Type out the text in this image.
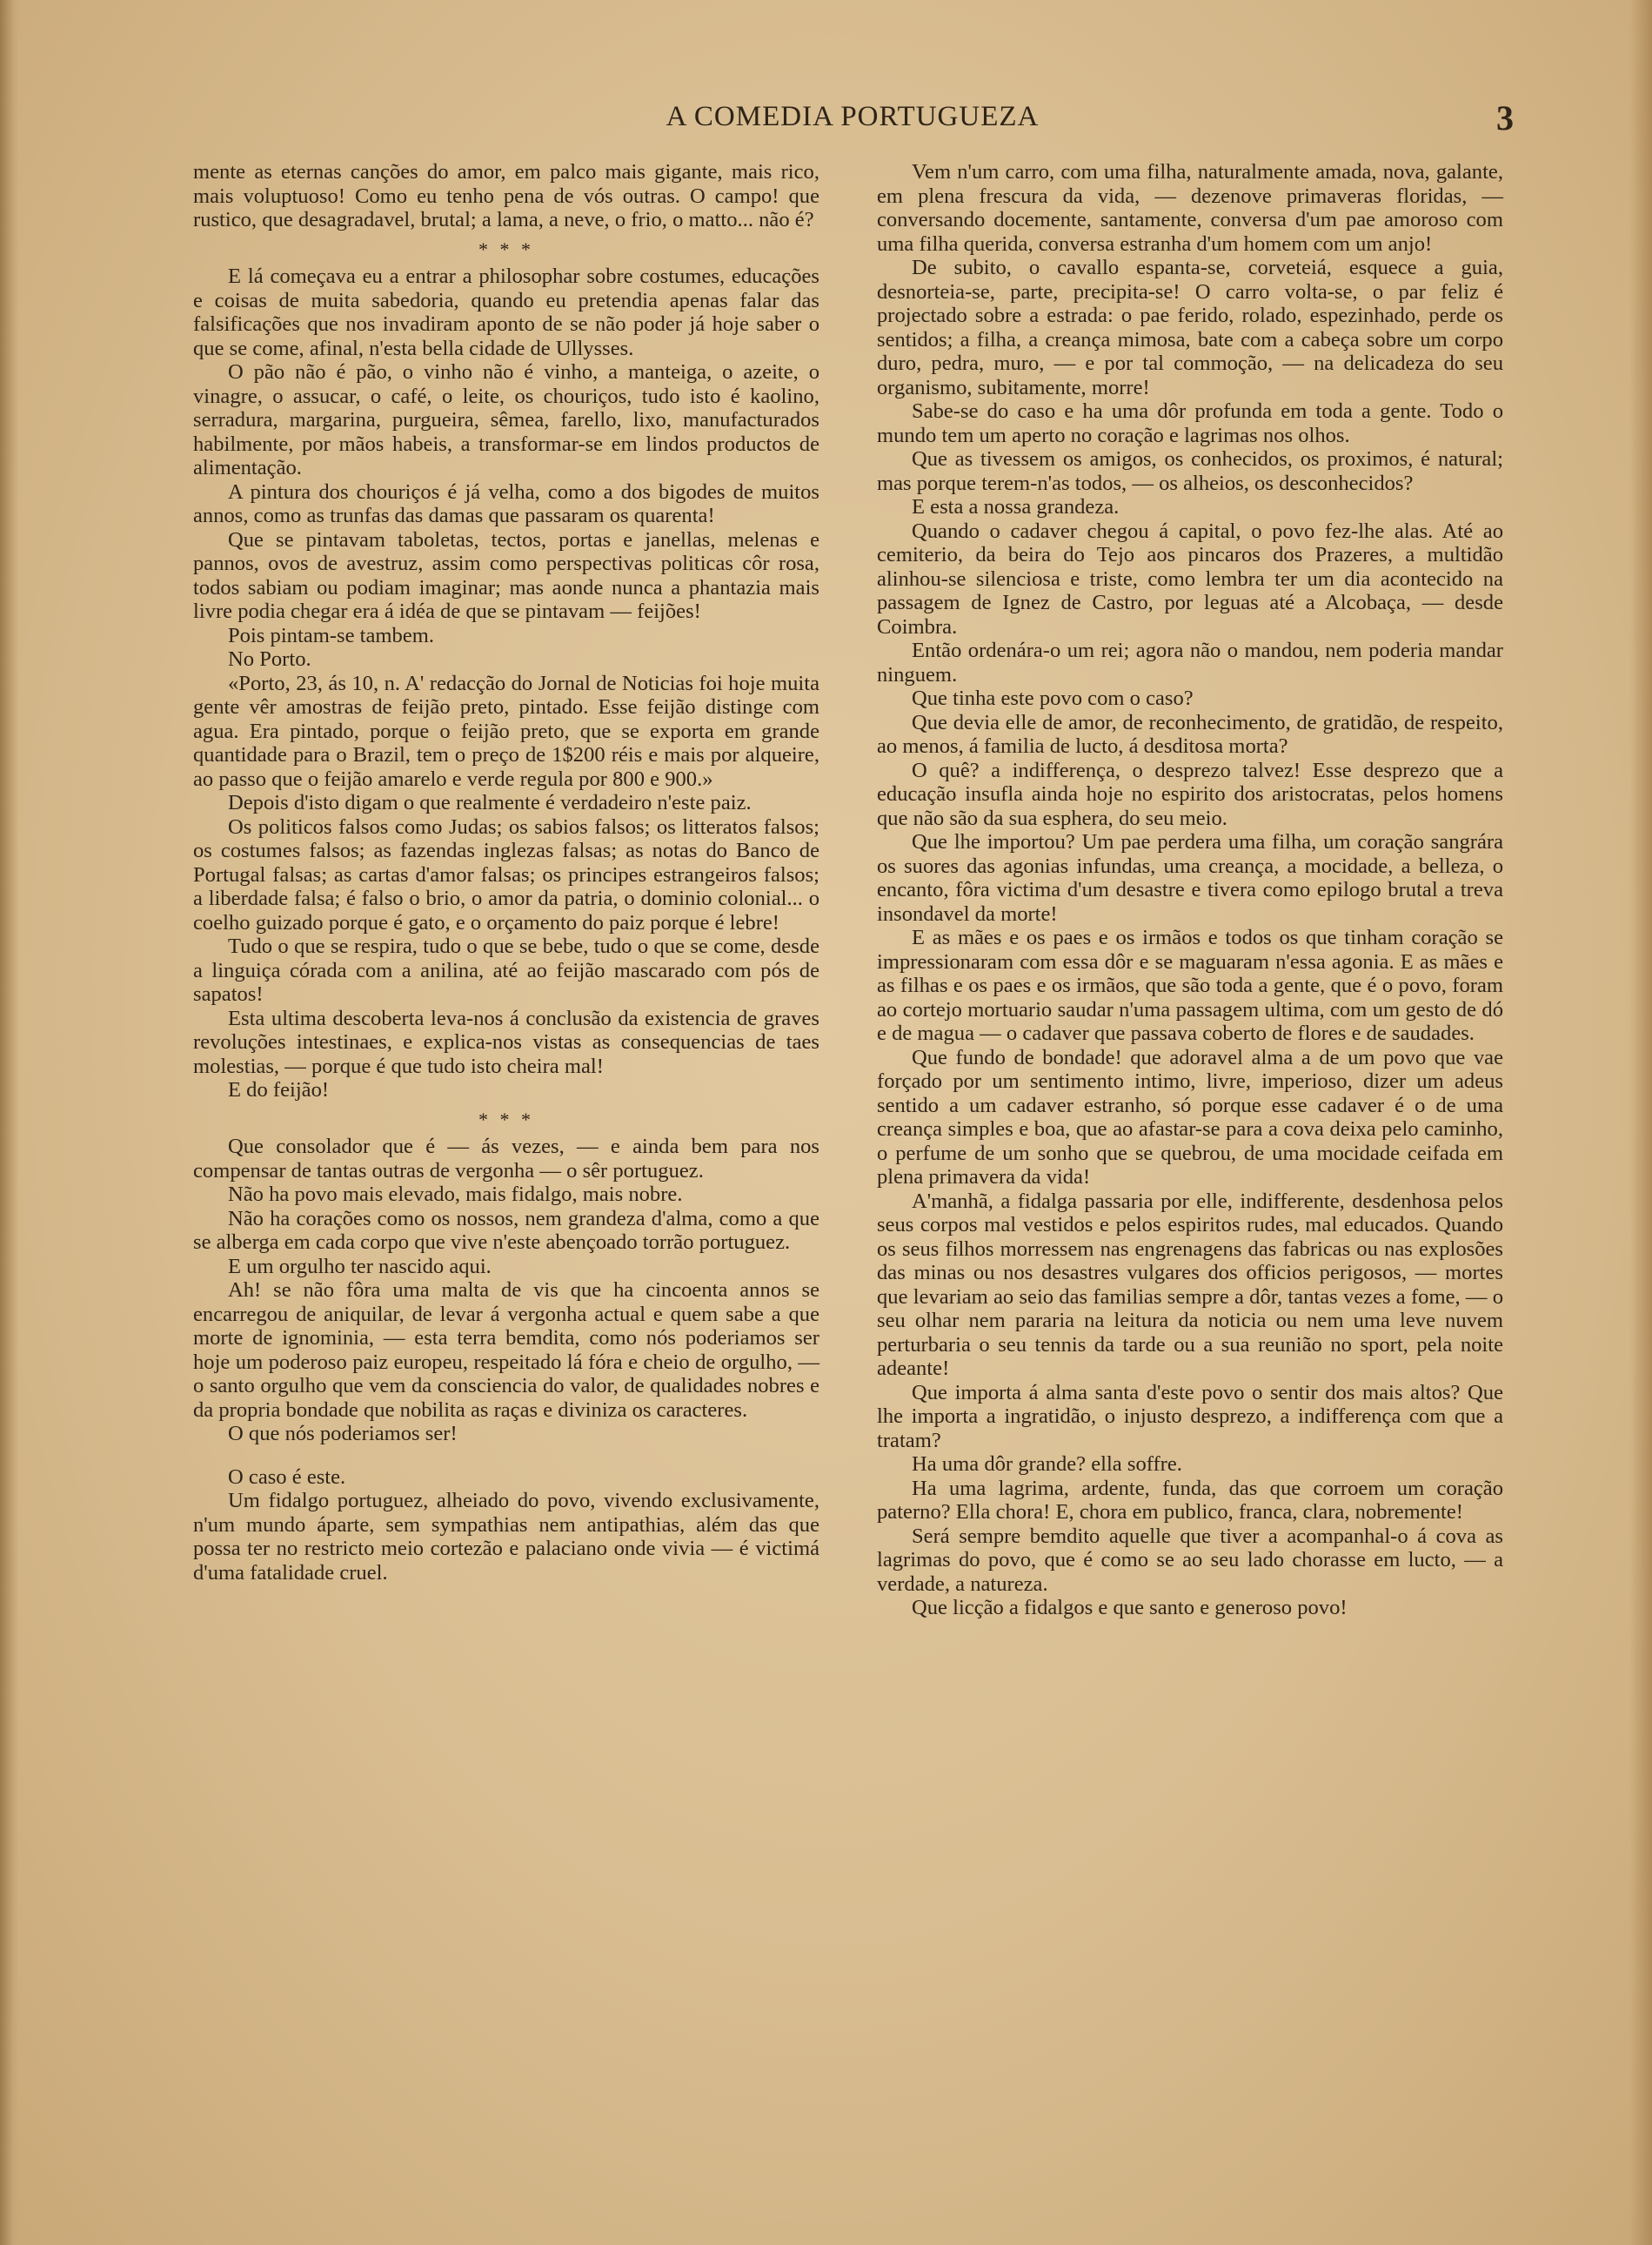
A COMEDIA PORTUGUEZA	3

mente as eternas canções do amor, em palco mais gigante, mais rico, mais voluptuoso! Como eu tenho pena de vós outras. O campo! que rustico, que desagradavel, brutal; a lama, a neve, o frio, o matto... não é?

* * *

E lá começava eu a entrar a philosophar sobre costumes, educações e coisas de muita sabedoria, quando eu pretendia apenas falar das falsificações que nos invadiram aponto de se não poder já hoje saber o que se come, afinal, n'esta bella cidade de Ullysses.

O pão não é pão, o vinho não é vinho, a manteiga, o azeite, o vinagre, o assucar, o café, o leite, os chouriços, tudo isto é kaolino, serradura, margarina, purgueira, sêmea, farello, lixo, manufacturados habilmente, por mãos habeis, a transformar-se em lindos productos de alimentação.

A pintura dos chouriços é já velha, como a dos bigodes de muitos annos, como as trunfas das damas que passaram os quarenta!

Que se pintavam taboletas, tectos, portas e janellas, melenas e pannos, ovos de avestruz, assim como perspectivas politicas côr rosa, todos sabiam ou podiam imaginar; mas aonde nunca a phantazia mais livre podia chegar era á idéa de que se pintavam — feijões!

Pois pintam-se tambem.

No Porto.

«Porto, 23, ás 10, n. A' redacção do Jornal de Noticias foi hoje muita gente vêr amostras de feijão preto, pintado. Esse feijão distinge com agua. Era pintado, porque o feijão preto, que se exporta em grande quantidade para o Brazil, tem o preço de 1$200 réis e mais por alqueire, ao passo que o feijão amarelo e verde regula por 800 e 900.»

Depois d'isto digam o que realmente é verdadeiro n'este paiz.

Os politicos falsos como Judas; os sabios falsos; os litteratos falsos; os costumes falsos; as fazendas inglezas falsas; as notas do Banco de Portugal falsas; as cartas d'amor falsas; os principes estrangeiros falsos; a liberdade falsa; é falso o brio, o amor da patria, o dominio colonial... o coelho guizado porque é gato, e o orçamento do paiz porque é lebre!

Tudo o que se respira, tudo o que se bebe, tudo o que se come, desde a linguiça córada com a anilina, até ao feijão mascarado com pós de sapatos!

Esta ultima descoberta leva-nos á conclusão da existencia de graves revoluções intestinaes, e explica-nos vistas as consequencias de taes molestias, — porque é que tudo isto cheira mal!

E do feijão!

* * *

Que consolador que é — ás vezes, — e ainda bem para nos compensar de tantas outras de vergonha — o sêr portuguez.

Não ha povo mais elevado, mais fidalgo, mais nobre.

Não ha corações como os nossos, nem grandeza d'alma, como a que se alberga em cada corpo que vive n'este abençoado torrão portuguez.

E um orgulho ter nascido aqui.

Ah! se não fôra uma malta de vis que ha cincoenta annos se encarregou de aniquilar, de levar á vergonha actual e quem sabe a que morte de ignominia, — esta terra bemdita, como nós poderiamos ser hoje um poderoso paiz europeu, respeitado lá fóra e cheio de orgulho, — o santo orgulho que vem da consciencia do valor, de qualidades nobres e da propria bondade que nobilita as raças e diviniza os caracteres.

O que nós poderiamos ser!

O caso é este.

Um fidalgo portuguez, alheiado do povo, vivendo exclusivamente, n'um mundo áparte, sem sympathias nem antipathias, além das que possa ter no restricto meio cortezão e palaciano onde vivia — é victimá d'uma fatalidade cruel.

Vem n'um carro, com uma filha, naturalmente amada, nova, galante, em plena frescura da vida, — dezenove primaveras floridas, — conversando docemente, santamente, conversa d'um pae amoroso com uma filha querida, conversa estranha d'um homem com um anjo!

De subito, o cavallo espanta-se, corveteiá, esquece a guia, desnorteia-se, parte, precipita-se! O carro volta-se, o par feliz é projectado sobre a estrada: o pae ferido, rolado, espezinhado, perde os sentidos; a filha, a creança mimosa, bate com a cabeça sobre um corpo duro, pedra, muro, — e por tal commoção, — na delicadeza do seu organismo, subitamente, morre!

Sabe-se do caso e ha uma dôr profunda em toda a gente. Todo o mundo tem um aperto no coração e lagrimas nos olhos.

Que as tivessem os amigos, os conhecidos, os proximos, é natural; mas porque terem-n'as todos, — os alheios, os desconhecidos?

E esta a nossa grandeza.

Quando o cadaver chegou á capital, o povo fez-lhe alas. Até ao cemiterio, da beira do Tejo aos pincaros dos Prazeres, a multidão alinhou-se silenciosa e triste, como lembra ter um dia acontecido na passagem de Ignez de Castro, por leguas até a Alcobaça, — desde Coimbra.

Então ordenára-o um rei; agora não o mandou, nem poderia mandar ninguem.

Que tinha este povo com o caso?

Que devia elle de amor, de reconhecimento, de gratidão, de respeito, ao menos, á familia de lucto, á desditosa morta?

O quê? a indifferença, o desprezo talvez! Esse desprezo que a educação insufla ainda hoje no espirito dos aristocratas, pelos homens que não são da sua esphera, do seu meio.

Que lhe importou? Um pae perdera uma filha, um coração sangrára os suores das agonias infundas, uma creança, a mocidade, a belleza, o encanto, fôra victima d'um desastre e tivera como epilogo brutal a treva insondavel da morte!

E as mães e os paes e os irmãos e todos os que tinham coração se impressionaram com essa dôr e se maguaram n'essa agonia. E as mães e as filhas e os paes e os irmãos, que são toda a gente, que é o povo, foram ao cortejo mortuario saudar n'uma passagem ultima, com um gesto de dó e de magua — o cadaver que passava coberto de flores e de saudades.

Que fundo de bondade! que adoravel alma a de um povo que vae forçado por um sentimento intimo, livre, imperioso, dizer um adeus sentido a um cadaver estranho, só porque esse cadaver é o de uma creança simples e boa, que ao afastar-se para a cova deixa pelo caminho, o perfume de um sonho que se quebrou, de uma mocidade ceifada em plena primavera da vida!

A'manhã, a fidalga passaria por elle, indifferente, desdenhosa pelos seus corpos mal vestidos e pelos espiritos rudes, mal educados. Quando os seus filhos morressem nas engrenagens das fabricas ou nas explosões das minas ou nos desastres vulgares dos officios perigosos, — mortes que levariam ao seio das familias sempre a dôr, tantas vezes a fome, — o seu olhar nem pararia na leitura da noticia ou nem uma leve nuvem perturbaria o seu tennis da tarde ou a sua reunião no sport, pela noite adeante!

Que importa á alma santa d'este povo o sentir dos mais altos? Que lhe importa a ingratidão, o injusto desprezo, a indifferença com que a tratam?

Ha uma dôr grande? ella soffre.

Ha uma lagrima, ardente, funda, das que corroem um coração paterno? Ella chora! E, chora em publico, franca, clara, nobremente!

Será sempre bemdito aquelle que tiver a acompanhal-o á cova as lagrimas do povo, que é como se ao seu lado chorasse em lucto, — a verdade, a natureza.

Que licção a fidalgos e que santo e generoso povo!
